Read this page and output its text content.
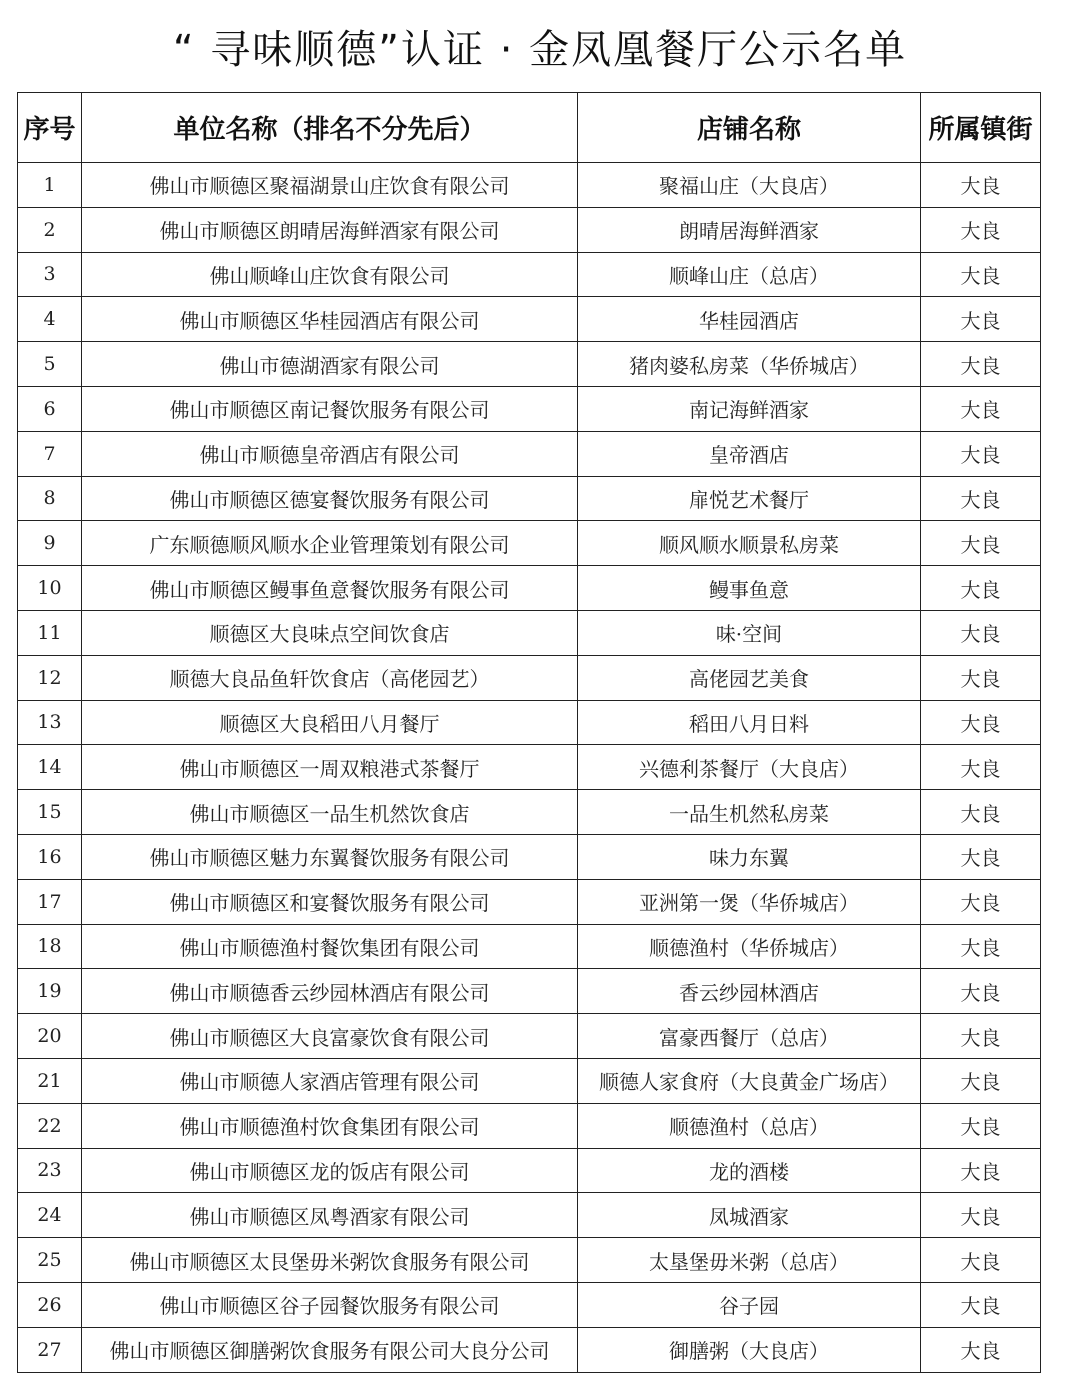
“ 寻味顺德”认证 · 金凤凰餐厅公示名单
序号	单位名称（排名不分先后）	店铺名称	所属镇街
1	佛山市顺德区聚福湖景山庄饮食有限公司	聚福山庄（大良店）	大良
2	佛山市顺德区朗晴居海鲜酒家有限公司	朗晴居海鲜酒家	大良
3	佛山顺峰山庄饮食有限公司	顺峰山庄（总店）	大良
4	佛山市顺德区华桂园酒店有限公司	华桂园酒店	大良
5	佛山市德湖酒家有限公司	猪肉婆私房菜（华侨城店）	大良
6	佛山市顺德区南记餐饮服务有限公司	南记海鲜酒家	大良
7	佛山市顺德皇帝酒店有限公司	皇帝酒店	大良
8	佛山市顺德区德宴餐饮服务有限公司	扉悦艺术餐厅	大良
9	广东顺德顺风顺水企业管理策划有限公司	顺风顺水顺景私房菜	大良
10	佛山市顺德区鳗事鱼意餐饮服务有限公司	鳗事鱼意	大良
11	顺德区大良味点空间饮食店	味·空间	大良
12	顺德大良品鱼轩饮食店（高佬园艺）	高佬园艺美食	大良
13	顺德区大良稻田八月餐厅	稻田八月日料	大良
14	佛山市顺德区一周双粮港式茶餐厅	兴德利茶餐厅（大良店）	大良
15	佛山市顺德区一品生机然饮食店	一品生机然私房菜	大良
16	佛山市顺德区魅力东翼餐饮服务有限公司	味力东翼	大良
17	佛山市顺德区和宴餐饮服务有限公司	亚洲第一煲（华侨城店）	大良
18	佛山市顺德渔村餐饮集团有限公司	顺德渔村（华侨城店）	大良
19	佛山市顺德香云纱园林酒店有限公司	香云纱园林酒店	大良
20	佛山市顺德区大良富豪饮食有限公司	富豪西餐厅（总店）	大良
21	佛山市顺德人家酒店管理有限公司	顺德人家食府（大良黄金广场店）	大良
22	佛山市顺德渔村饮食集团有限公司	顺德渔村（总店）	大良
23	佛山市顺德区龙的饭店有限公司	龙的酒楼	大良
24	佛山市顺德区凤粤酒家有限公司	凤城酒家	大良
25	佛山市顺德区太艮堡毋米粥饮食服务有限公司	太垦堡毋米粥（总店）	大良
26	佛山市顺德区谷子园餐饮服务有限公司	谷子园	大良
27	佛山市顺德区御膳粥饮食服务有限公司大良分公司	御膳粥（大良店）	大良
